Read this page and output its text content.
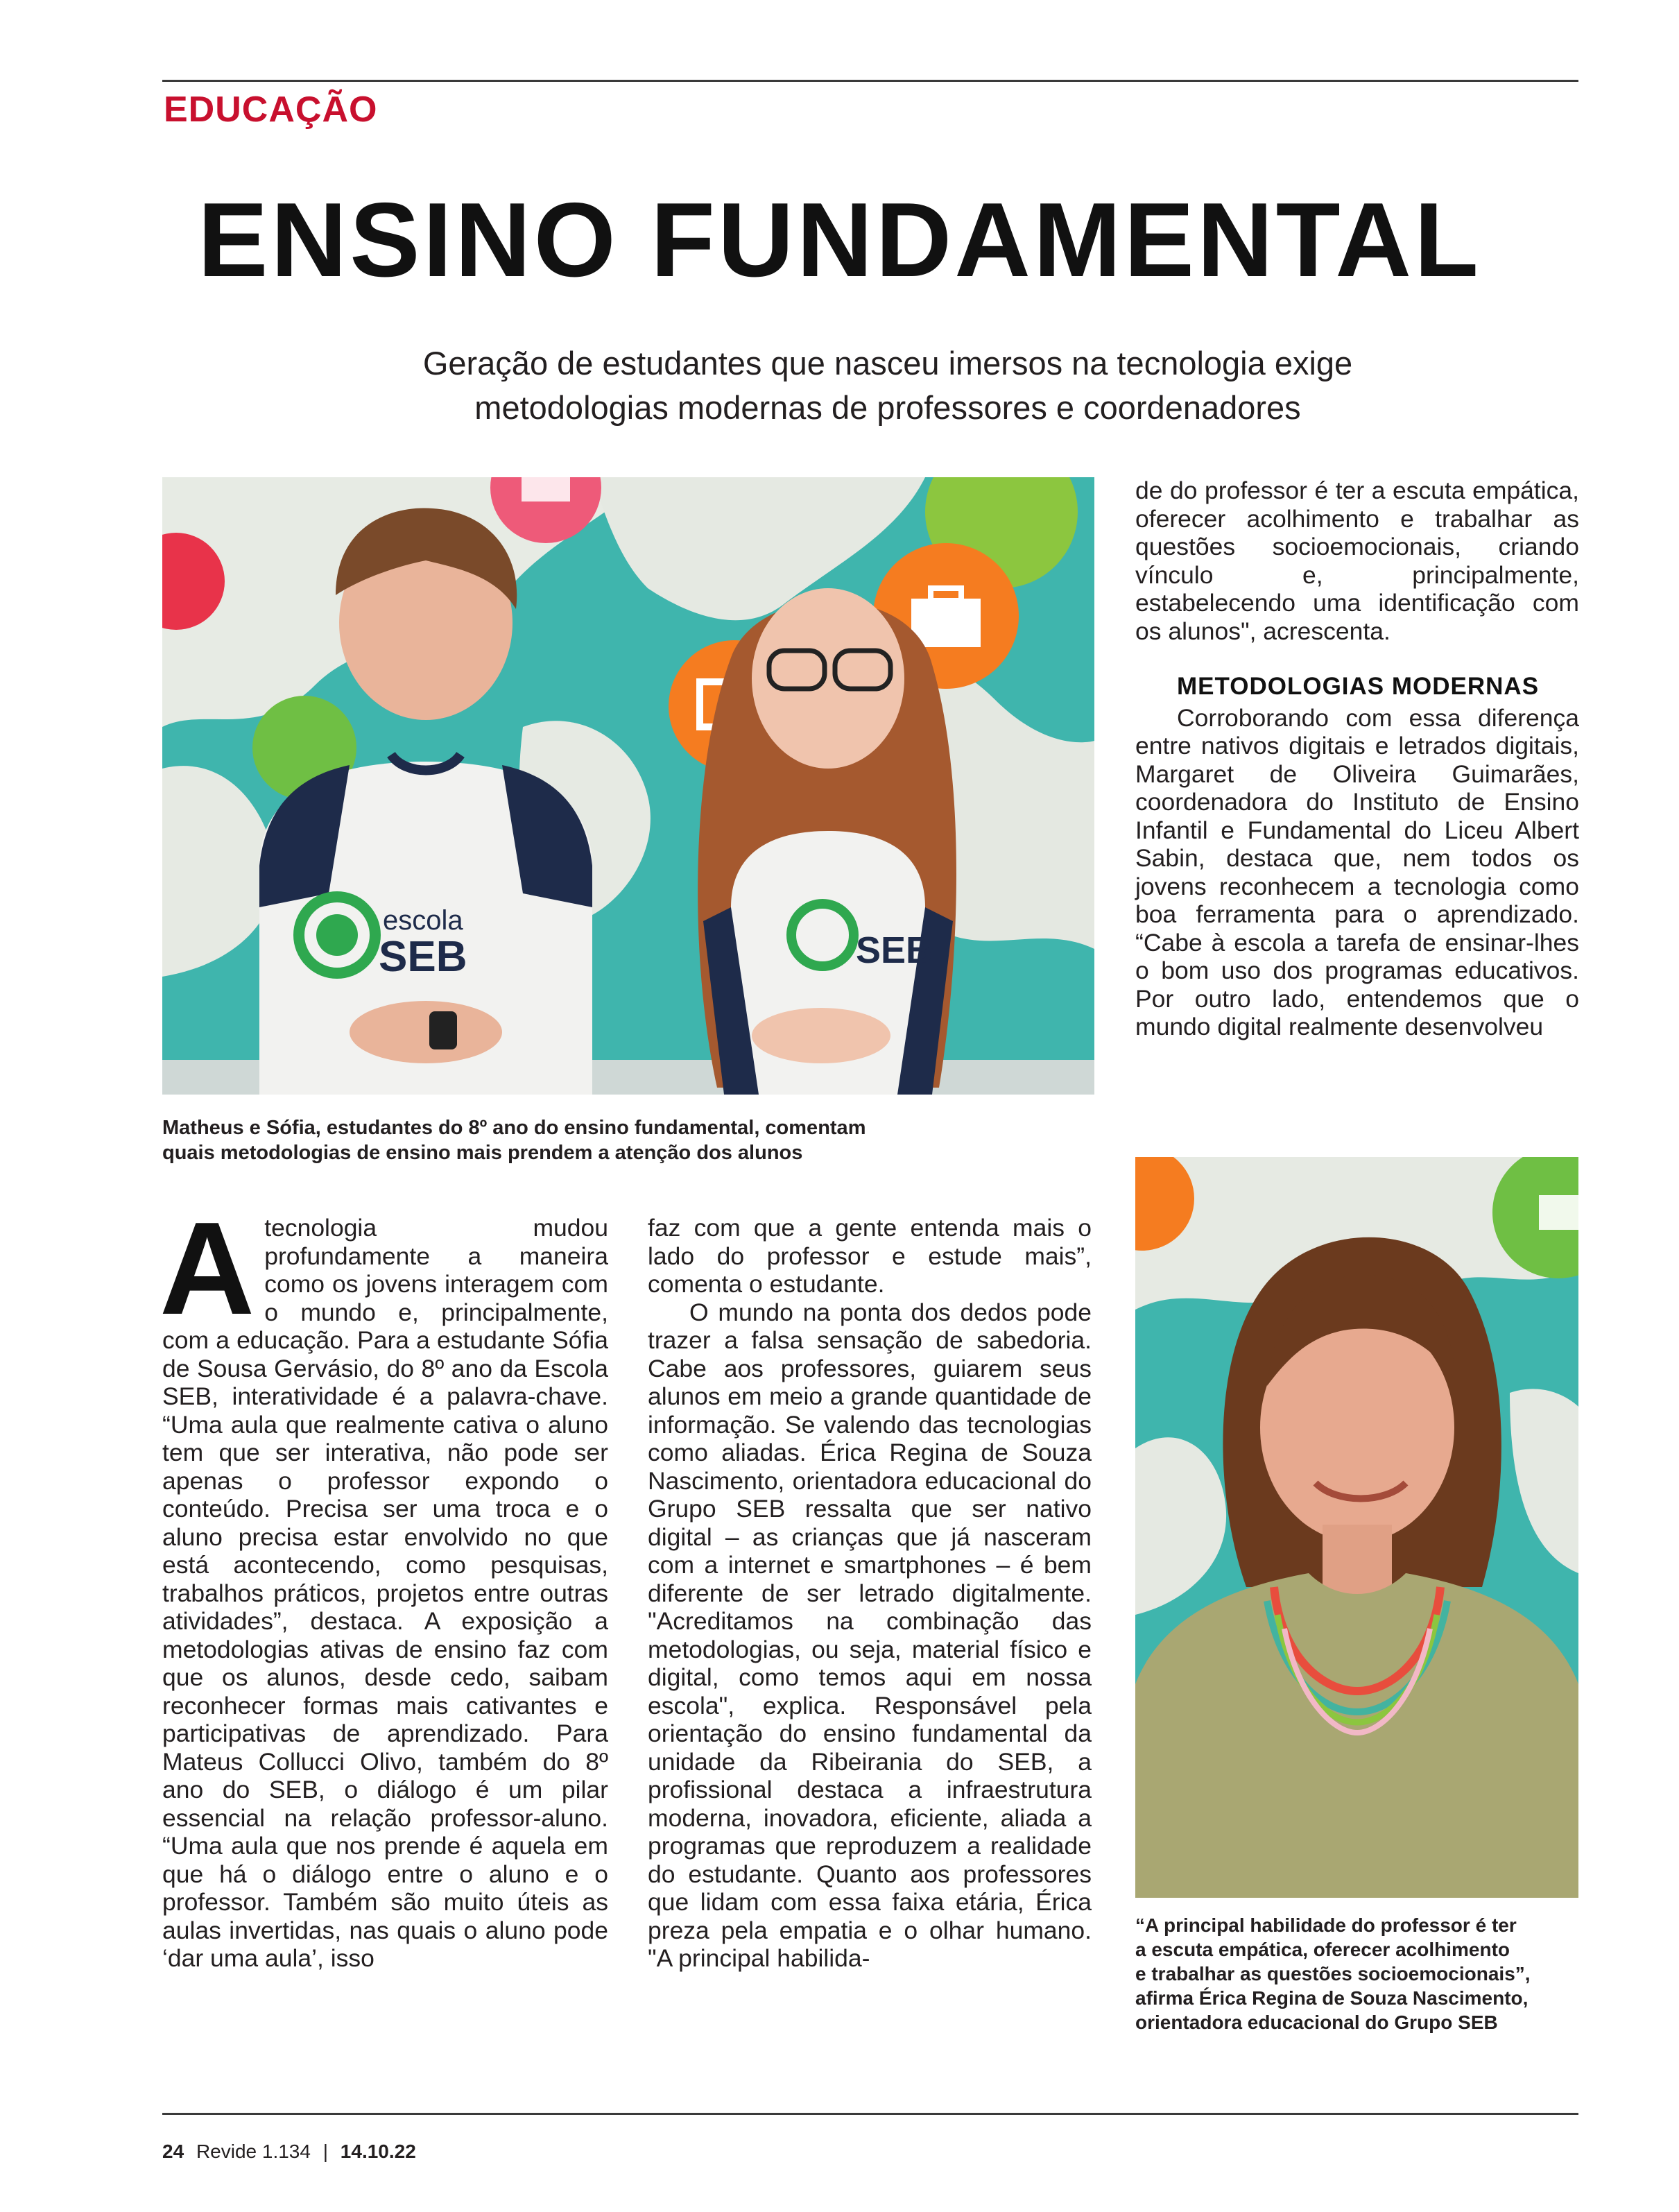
EDUCAÇÃO
ENSINO FUNDAMENTAL
Geração de estudantes que nasceu imersos na tecnologia exige
metodologias modernas de professores e coordenadores
escola
SEB	SEB
Matheus e Sófia, estudantes do 8º ano do ensino fundamental, comentam
quais metodologias de ensino mais prendem a atenção dos alunos
“A principal habilidade do professor é ter
a escuta empática, oferecer acolhimento
e trabalhar as questões socioemocionais”,
afirma Érica Regina de Souza Nascimento,
orientadora educacional do Grupo SEB

Atecnologia mudou profundamente a maneira como os jovens interagem com o mundo e, principalmente, com a educação. Para a estudante Sófia de Sousa Gervásio, do 8º ano da Escola SEB, interatividade é a palavra-chave. “Uma aula que realmente cativa o aluno tem que ser interativa, não pode ser apenas o professor expondo o conteúdo. Precisa ser uma troca e o aluno precisa estar envolvido no que está acontecendo, como pesquisas, trabalhos práticos, projetos entre outras atividades”, destaca. A exposição a metodologias ativas de ensino faz com que os alunos, desde cedo, saibam reconhecer formas mais cativantes e participativas de aprendizado. Para Mateus Collucci Olivo, também do 8º ano do SEB, o diálogo é um pilar essencial na relação professor-aluno. “Uma aula que nos prende é aquela em que há o diálogo entre o aluno e o professor. Também são muito úteis as aulas invertidas, nas quais o aluno pode ‘dar uma aula’, isso

faz com que a gente entenda mais o lado do professor e estude mais”, comenta o estudante.

O mundo na ponta dos dedos pode trazer a falsa sensação de sabedoria. Cabe aos professores, guiarem seus alunos em meio a grande quantidade de informação. Se valendo das tecnologias como aliadas. Érica Regina de Souza Nascimento, orientadora educacional do Grupo SEB ressalta que ser nativo digital – as crianças que já nasceram com a internet e smartphones – é bem diferente de ser letrado digitalmente. "Acreditamos na combinação das metodologias, ou seja, material físico e digital, como temos aqui em nossa escola", explica. Responsável pela orientação do ensino fundamental da unidade da Ribeirania do SEB, a profissional destaca a infraestrutura moderna, inovadora, eficiente, aliada a programas que reproduzem a realidade do estudante. Quanto aos professores que lidam com essa faixa etária, Érica preza pela empatia e o olhar humano. "A principal habilida-

de do professor é ter a escuta empática, oferecer acolhimento e trabalhar as questões socioemocionais, criando vínculo e, principalmente, estabelecendo uma identificação com os alunos", acrescenta.

METODOLOGIAS MODERNAS

Corroborando com essa diferença entre nativos digitais e letrados digitais, Margaret de Oliveira Guimarães, coordenadora do Instituto de Ensino Infantil e Fundamental do Liceu Albert Sabin, destaca que, nem todos os jovens reconhecem a tecnologia como boa ferramenta para o aprendizado. “Cabe à escola a tarefa de ensinar-lhes o bom uso dos programas educativos. Por outro lado, entendemos que o mundo digital realmente desenvolveu

24 Revide 1.134 | 14.10.22
